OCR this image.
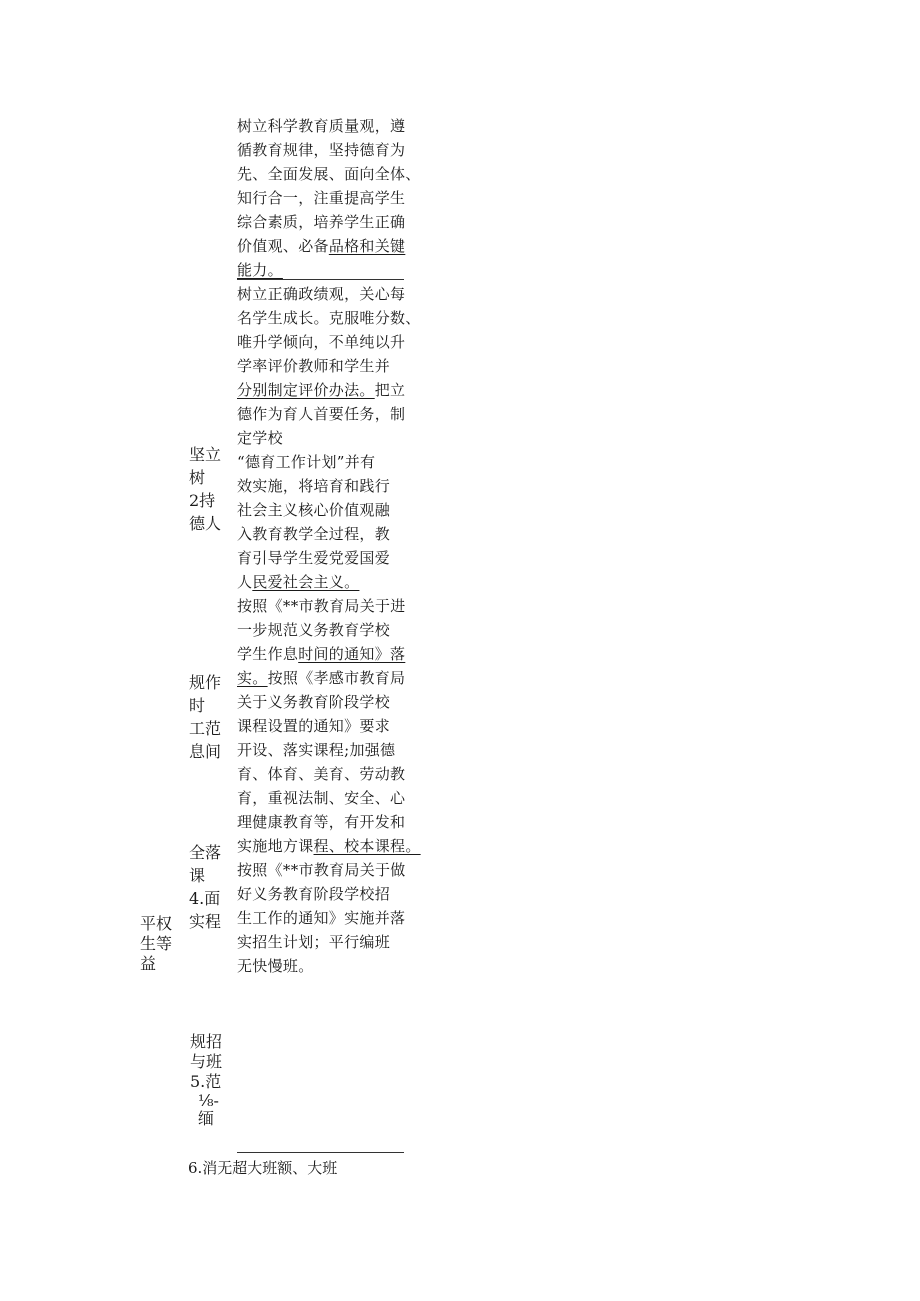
树立科学教育质量观，遵
循教育规律，坚持德育为
先、全面发展、面向全体、
知行合一，注重提高学生
综合素质，培养学生正确
价值观、必备品格和关键
能力。
树立正确政绩观，关心每
名学生成长。克服唯分数、
唯升学倾向，不单纯以升
学率评价教师和学生并
分别制定评价办法。把立
德作为育人首要任务，制
定学校
“德育工作计划”并有
效实施，将培育和践行
社会主义核心价值观融
入教育教学全过程，教
育引导学生爱党爱国爱
人民爱社会主义。
按照《**市教育局关于进
一步规范义务教育学校
学生作息时间的通知》落
实。按照《孝感市教育局
关于义务教育阶段学校
课程设置的通知》要求
开设、落实课程;加强德
育、体育、美育、劳动教
育，重视法制、安全、心
理健康教育等，有开发和
实施地方课程、校本课程。
按照《**市教育局关于做
好义务教育阶段学校招
生工作的通知》实施并落
实招生计划；平行编班
无快慢班。
坚立
树
2持
德人
规作
时
工范
息间
全落
课
4.面
实程
平权
生等
益
规招
与班
5.范
⅛-
缅
6.消无超大班额、大班
